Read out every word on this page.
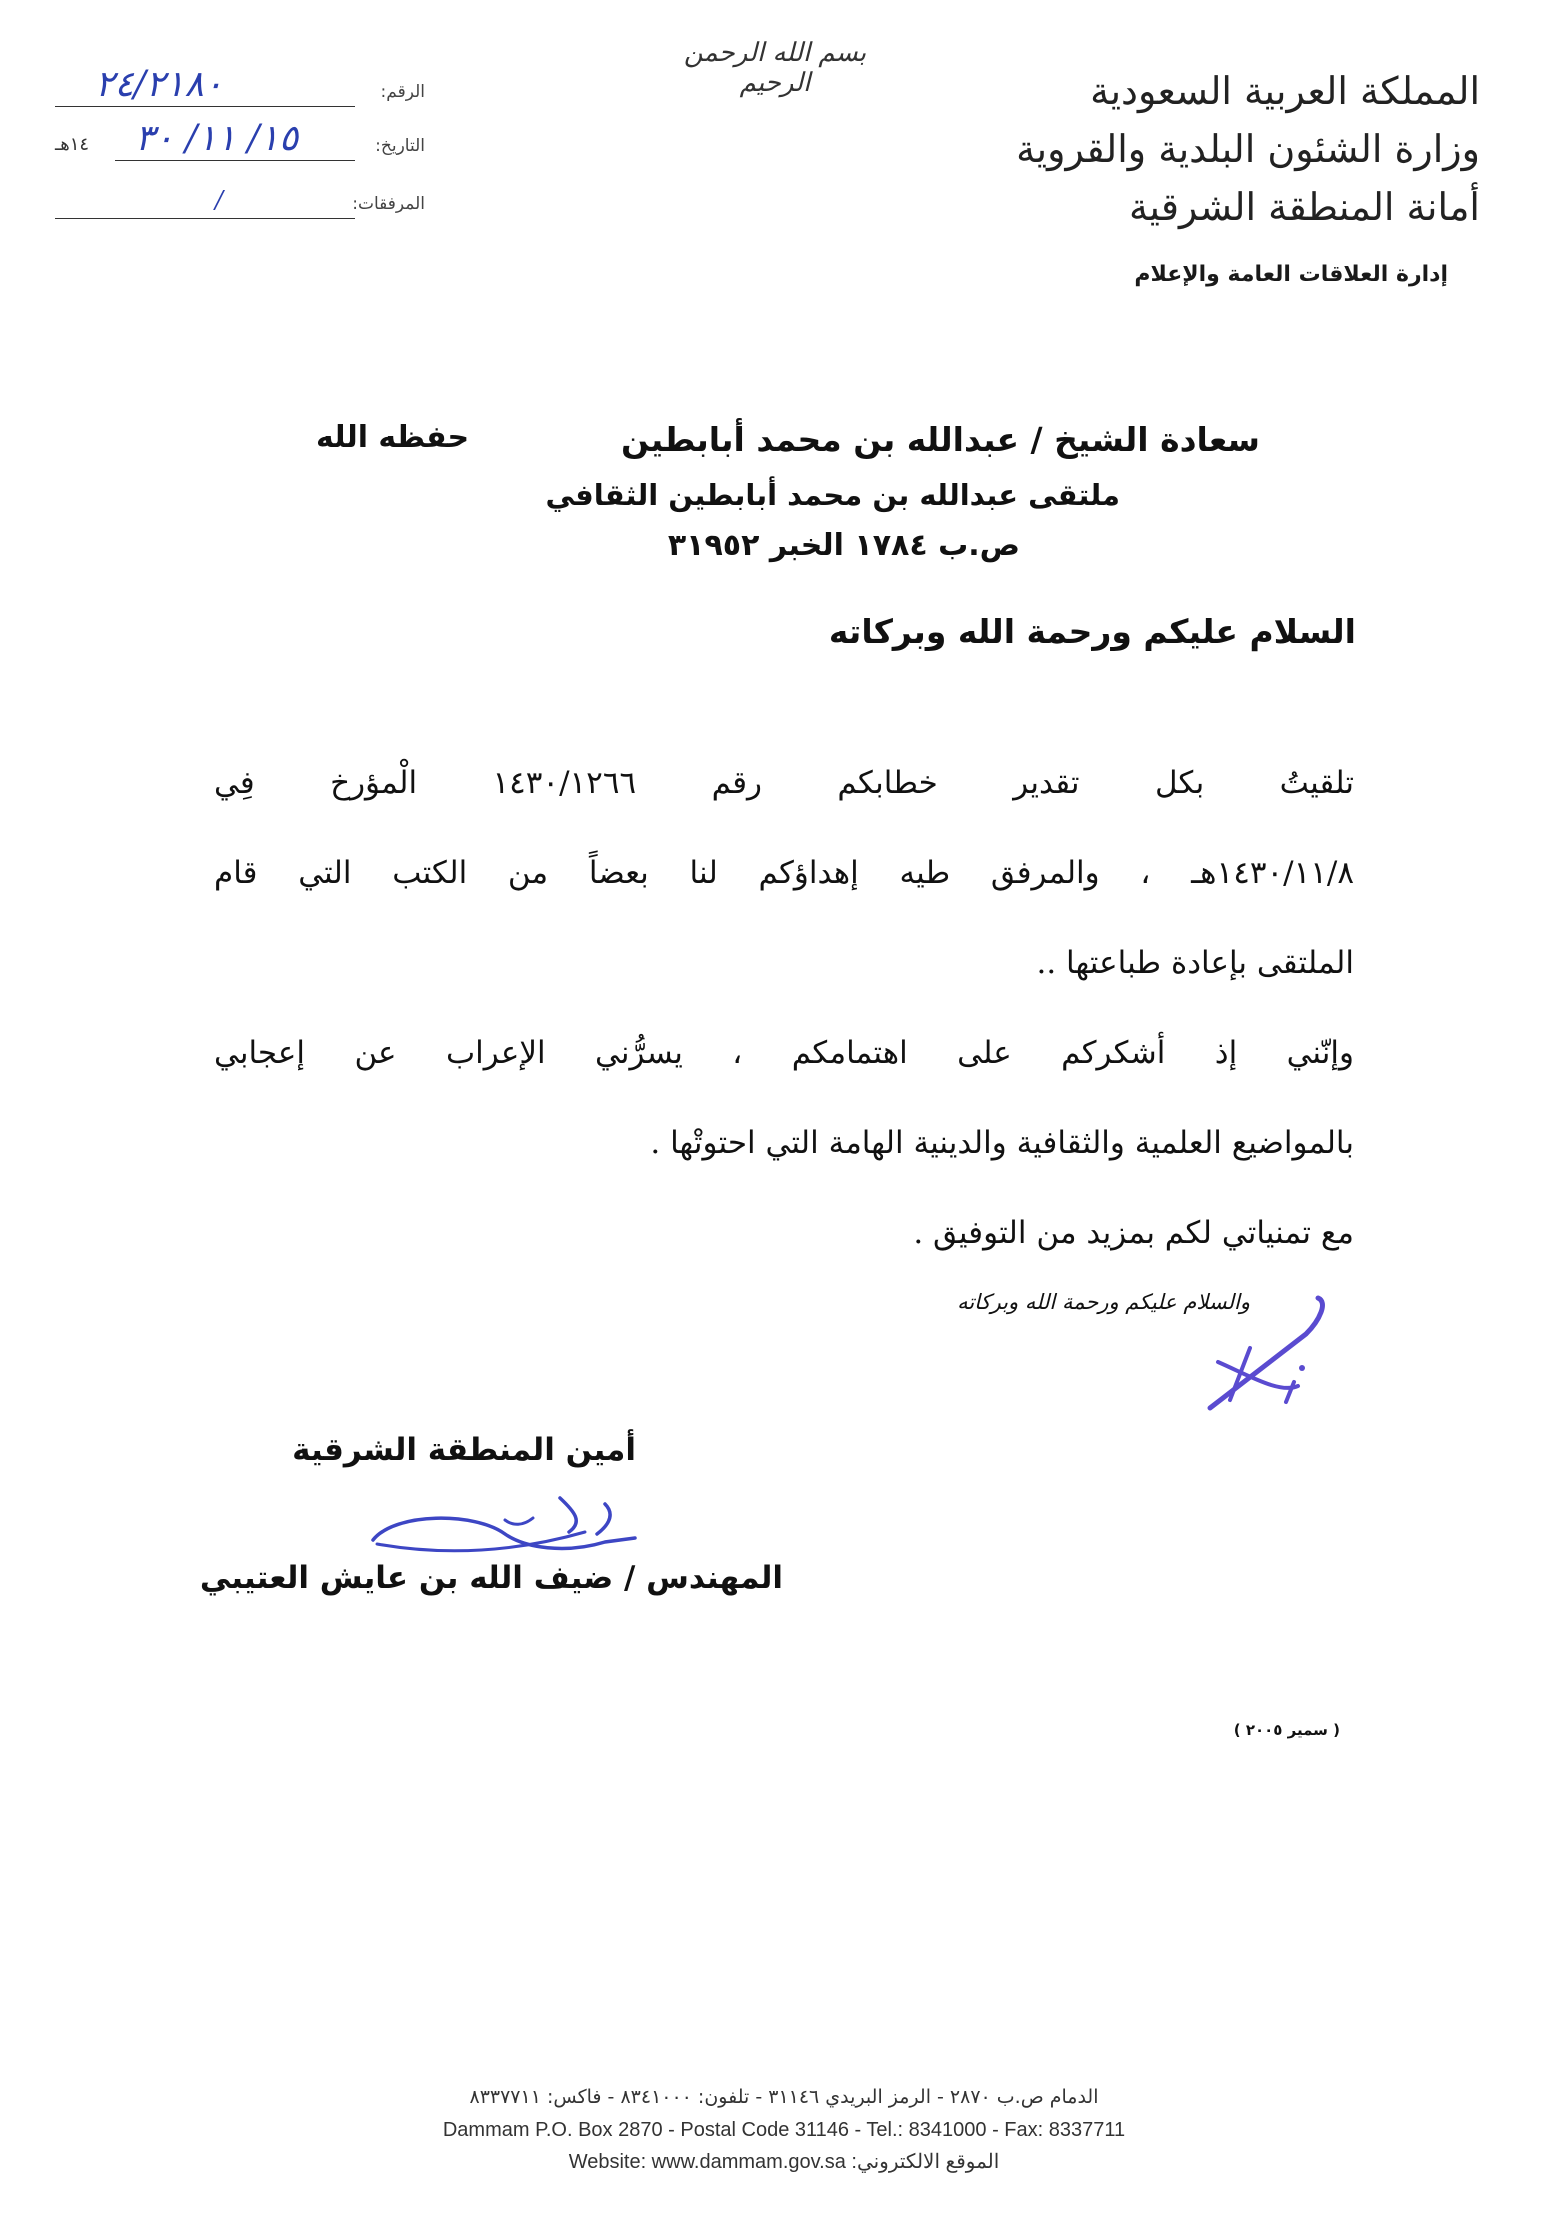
بسم الله الرحمن الرحيم	المملكة العربية السعودية
وزارة الشئون البلدية والقروية
أمانة المنطقة الشرقية
إدارة العلاقات العامة والإعلام
الرقم:
٢٤/٢١٨٠
التاريخ:
١٥/ ١١/ ٣٠
١٤هـ
المرفقات:
/
سعادة الشيخ / عبدالله بن محمد أبابطين
حفظه الله
ملتقى عبدالله بن محمد أبابطين الثقافي
ص.ب ١٧٨٤ الخبر ٣١٩٥٢
السلام عليكم ورحمة الله وبركاته

تلقيتُ بكل تقدير خطابكم رقم ١٤٣٠/١٢٦٦ الْمؤرخ فِي

١٤٣٠/١١/٨هـ ، والمرفق طيه إهداؤكم لنا بعضاً من الكتب التي قام

الملتقى بإعادة طباعتها ..

وإنّني إذ أشكركم على اهتمامكم ، يسرُّني الإعراب عن إعجابي

بالمواضيع العلمية والثقافية والدينية الهامة التي احتوتْها .

مع تمنياتي لكم بمزيد من التوفيق .

والسلام عليكم ورحمة الله وبركاته
أمين المنطقة الشرقية
المهندس / ضيف الله بن عايش العتيبي
( سمير ٢٠٠٥ )
الدمام ص.ب ٢٨٧٠ - الرمز البريدي ٣١١٤٦ - تلفون: ٨٣٤١٠٠٠ - فاكس: ٨٣٣٧٧١١
Dammam P.O. Box 2870 - Postal Code 31146 - Tel.: 8341000 - Fax: 8337711
Website: www.dammam.gov.sa :الموقع الالكتروني
